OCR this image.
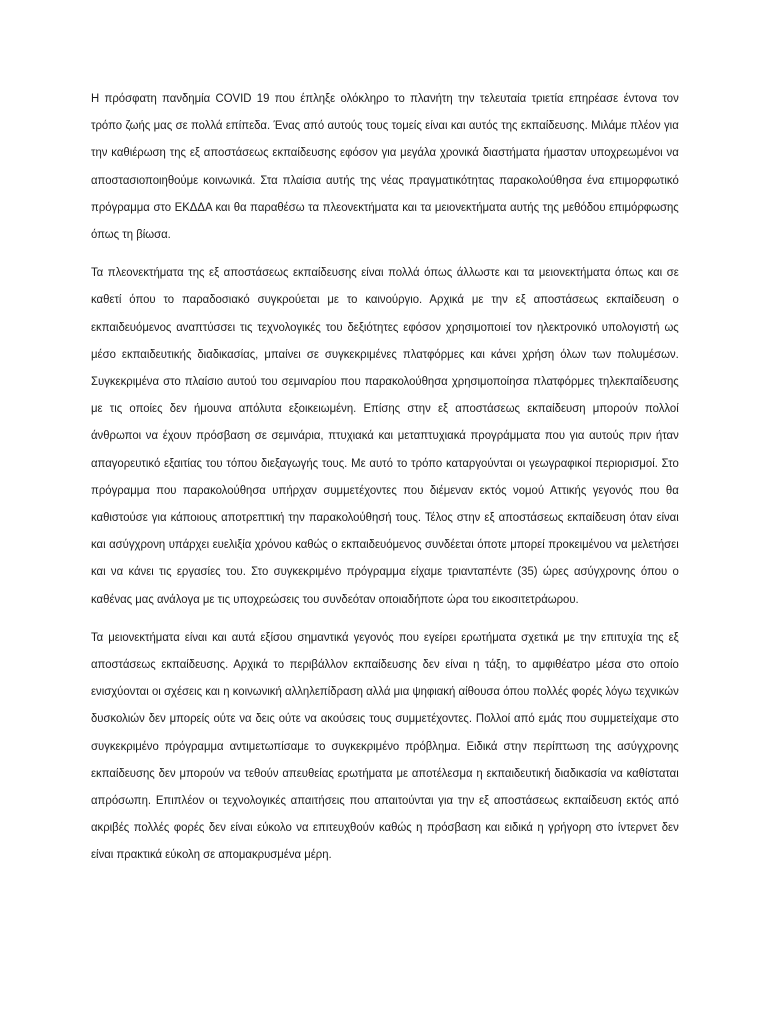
Η πρόσφατη πανδημία COVID 19 που έπληξε ολόκληρο το πλανήτη την τελευταία τριετία επηρέασε έντονα τον τρόπο ζωής μας σε πολλά επίπεδα. Ένας από αυτούς τους τομείς είναι και αυτός της εκπαίδευσης. Μιλάμε πλέον για την καθιέρωση της εξ αποστάσεως εκπαίδευσης εφόσον για μεγάλα χρονικά διαστήματα ήμασταν υποχρεωμένοι να αποστασιοποιηθούμε κοινωνικά. Στα πλαίσια αυτής της νέας πραγματικότητας παρακολούθησα ένα επιμορφωτικό πρόγραμμα στο ΕΚΔΔΑ και θα παραθέσω τα πλεονεκτήματα και τα μειονεκτήματα αυτής της μεθόδου επιμόρφωσης όπως τη βίωσα.

Τα πλεονεκτήματα της εξ αποστάσεως εκπαίδευσης είναι πολλά όπως άλλωστε και τα μειονεκτήματα όπως και σε καθετί όπου το παραδοσιακό συγκρούεται με το καινούργιο. Αρχικά με την εξ αποστάσεως εκπαίδευση ο εκπαιδευόμενος αναπτύσσει τις τεχνολογικές του δεξιότητες εφόσον χρησιμοποιεί τον ηλεκτρονικό υπολογιστή ως μέσο εκπαιδευτικής διαδικασίας, μπαίνει σε συγκεκριμένες πλατφόρμες και κάνει χρήση όλων των πολυμέσων. Συγκεκριμένα στο πλαίσιο αυτού του σεμιναρίου που παρακολούθησα χρησιμοποίησα πλατφόρμες τηλεκπαίδευσης με τις οποίες δεν ήμουνα απόλυτα εξοικειωμένη. Επίσης στην εξ αποστάσεως εκπαίδευση μπορούν πολλοί άνθρωποι να έχουν πρόσβαση σε σεμινάρια, πτυχιακά και μεταπτυχιακά προγράμματα που για αυτούς πριν ήταν απαγορευτικό εξαιτίας του τόπου διεξαγωγής τους. Με αυτό το τρόπο καταργούνται οι γεωγραφικοί περιορισμοί. Στο πρόγραμμα που παρακολούθησα υπήρχαν συμμετέχοντες που διέμεναν εκτός νομού Αττικής γεγονός που θα καθιστούσε για κάποιους αποτρεπτική την παρακολούθησή τους. Τέλος στην εξ αποστάσεως εκπαίδευση όταν είναι και ασύγχρονη υπάρχει ευελιξία χρόνου καθώς ο εκπαιδευόμενος συνδέεται όποτε μπορεί προκειμένου να μελετήσει και να κάνει τις εργασίες του. Στο συγκεκριμένο πρόγραμμα είχαμε τριανταπέντε (35) ώρες ασύγχρονης όπου ο καθένας μας ανάλογα με τις υποχρεώσεις του συνδεόταν οποιαδήποτε ώρα του εικοσιτετράωρου.

Τα μειονεκτήματα είναι και αυτά εξίσου σημαντικά γεγονός που εγείρει ερωτήματα σχετικά με την επιτυχία της εξ αποστάσεως εκπαίδευσης. Αρχικά το περιβάλλον εκπαίδευσης δεν είναι η τάξη, το αμφιθέατρο μέσα στο οποίο ενισχύονται οι σχέσεις και η κοινωνική αλληλεπίδραση αλλά μια ψηφιακή αίθουσα όπου πολλές φορές λόγω τεχνικών δυσκολιών δεν μπορείς ούτε να δεις ούτε να ακούσεις τους συμμετέχοντες. Πολλοί από εμάς που συμμετείχαμε στο συγκεκριμένο πρόγραμμα αντιμετωπίσαμε το συγκεκριμένο πρόβλημα. Ειδικά στην περίπτωση της ασύγχρονης εκπαίδευσης δεν μπορούν να τεθούν απευθείας ερωτήματα με αποτέλεσμα η εκπαιδευτική διαδικασία να καθίσταται απρόσωπη. Επιπλέον οι τεχνολογικές απαιτήσεις που απαιτούνται για την εξ αποστάσεως εκπαίδευση εκτός από ακριβές πολλές φορές δεν είναι εύκολο να επιτευχθούν καθώς η πρόσβαση και ειδικά η γρήγορη στο ίντερνετ δεν είναι πρακτικά εύκολη σε απομακρυσμένα μέρη.
